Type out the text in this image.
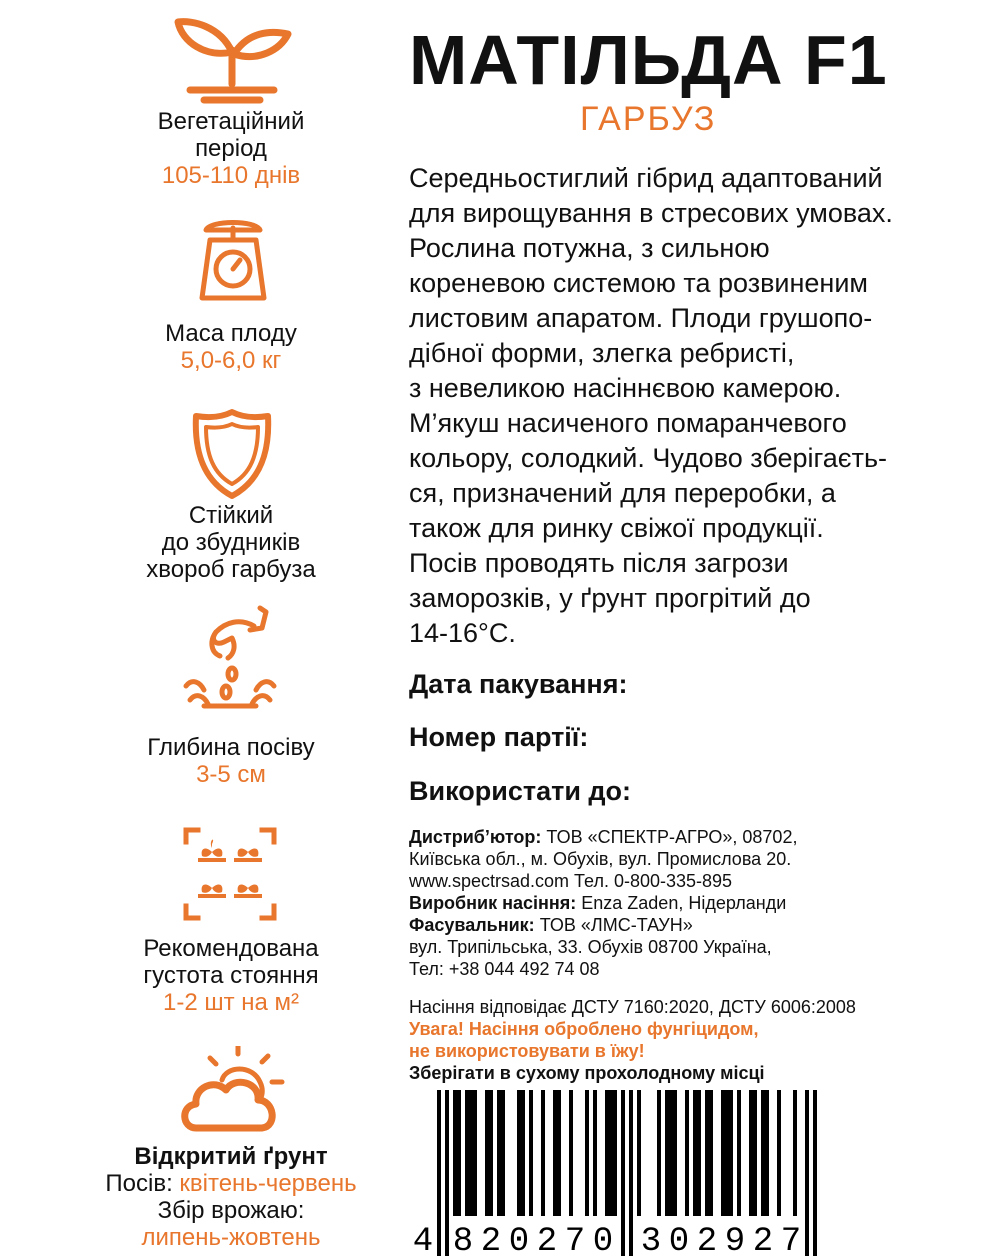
Вегетаційний
період
105-110 днів
Маса плоду
5,0-6,0 кг
Стійкий
до збудників
хвороб гарбуза
Глибина посіву
3-5 см
Рекомендована
густота стояння
1-2 шт на м²
Відкритий ґрунт
Посів: квітень-червень
Збір врожаю:
липень-жовтень
МАТІЛЬДА F1
ГАРБУЗ
Середньостиглий гібрид адаптований
для вирощування в стресових умовах.
Рослина потужна, з сильною
кореневою системою та розвиненим
листовим апаратом. Плоди грушопо-
дібної форми, злегка ребристі,
з невеликою насіннєвою камерою.
М’якуш насиченого помаранчевого
кольору, солодкий. Чудово зберігаєть-
ся, призначений для переробки, а
також для ринку свіжої продукції.
Посів проводять після загрози
заморозків, у ґрунт прогрітий до
14-16°С.
Дата пакування:
Номер партії:
Використати до:
Дистриб’ютор: ТОВ «СПЕКТР-АГРО», 08702,
Київська обл., м. Обухів, вул. Промислова 20.
www.spectrsad.com Тел. 0-800-335-895
Виробник насіння: Enza Zaden, Нідерланди
Фасувальник: ТОВ «ЛМС-ТАУН»
вул. Трипільська, 33. Обухів 08700 Україна,
Тел: +38 044 492 74 08
Насіння відповідає ДСТУ 7160:2020, ДСТУ 6006:2008
Увага! Насіння оброблено фунгіцидом,
не використовувати в їжу!
Зберігати в сухому прохолодному місці
4 8 2 0 2 7 0 3 0 2 9 2 7
